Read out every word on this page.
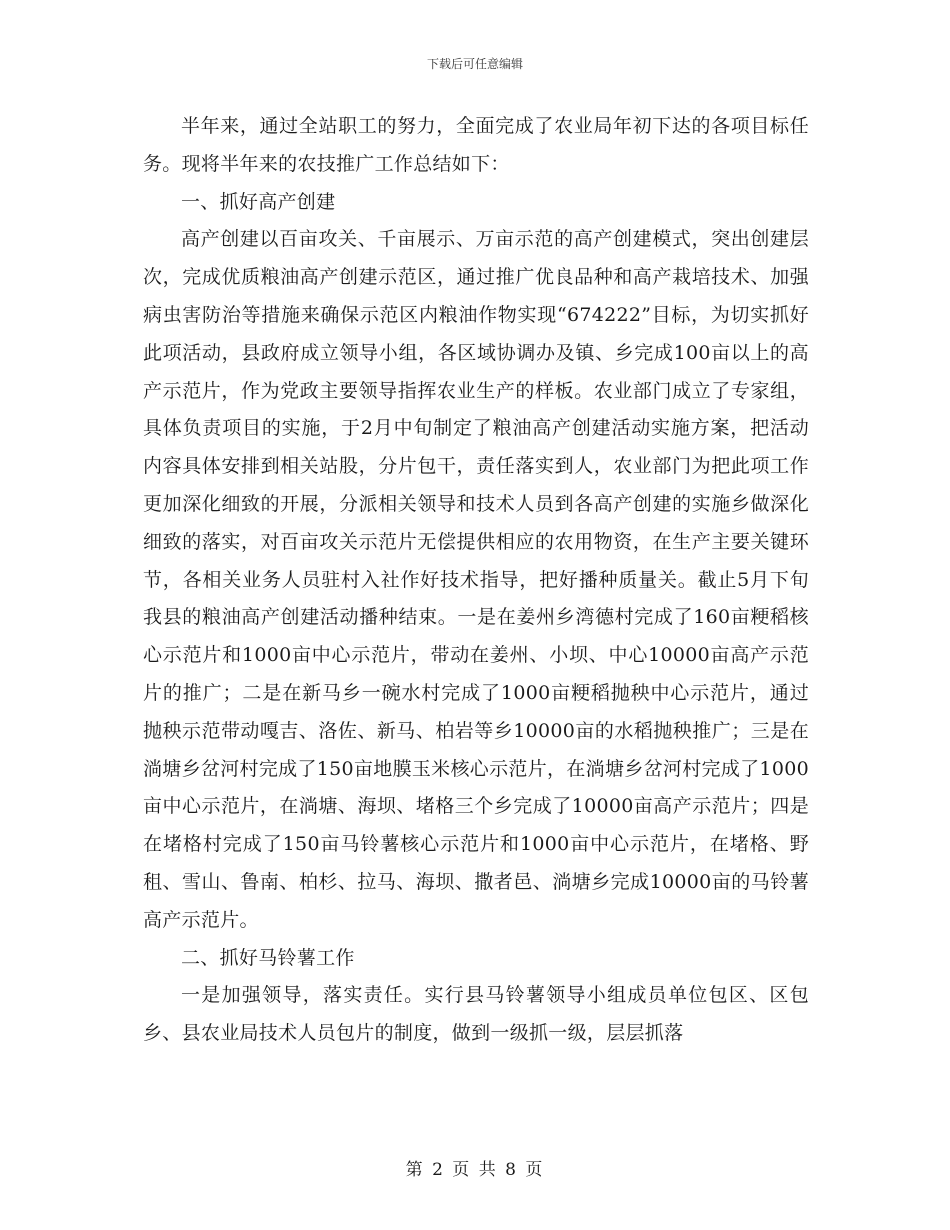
下载后可任意编辑

半年来，通过全站职工的努力，全面完成了农业局年初下达的各项目标任务。现将半年来的农技推广工作总结如下：

一、抓好高产创建

高产创建以百亩攻关、千亩展示、万亩示范的高产创建模式，突出创建层次，完成优质粮油高产创建示范区，通过推广优良品种和高产栽培技术、加强病虫害防治等措施来确保示范区内粮油作物实现“674222”目标，为切实抓好此项活动，县政府成立领导小组，各区域协调办及镇、乡完成100亩以上的高产示范片，作为党政主要领导指挥农业生产的样板。农业部门成立了专家组，具体负责项目的实施，于2月中旬制定了粮油高产创建活动实施方案，把活动内容具体安排到相关站股，分片包干，责任落实到人，农业部门为把此项工作更加深化细致的开展，分派相关领导和技术人员到各高产创建的实施乡做深化细致的落实，对百亩攻关示范片无偿提供相应的农用物资，在生产主要关键环节，各相关业务人员驻村入社作好技术指导，把好播种质量关。截止5月下旬我县的粮油高产创建活动播种结束。一是在姜州乡湾德村完成了160亩粳稻核心示范片和1000亩中心示范片，带动在姜州、小坝、中心10000亩高产示范片的推广；二是在新马乡一碗水村完成了1000亩粳稻抛秧中心示范片，通过抛秧示范带动嘎吉、洛佐、新马、柏岩等乡10000亩的水稻抛秧推广；三是在淌塘乡岔河村完成了150亩地膜玉米核心示范片，在淌塘乡岔河村完成了1000亩中心示范片，在淌塘、海坝、堵格三个乡完成了10000亩高产示范片；四是在堵格村完成了150亩马铃薯核心示范片和1000亩中心示范片，在堵格、野租、雪山、鲁南、柏杉、拉马、海坝、撒者邑、淌塘乡完成10000亩的马铃薯高产示范片。

二、抓好马铃薯工作

一是加强领导，落实责任。实行县马铃薯领导小组成员单位包区、区包乡、县农业局技术人员包片的制度，做到一级抓一级，层层抓落

第 2 页 共 8 页
